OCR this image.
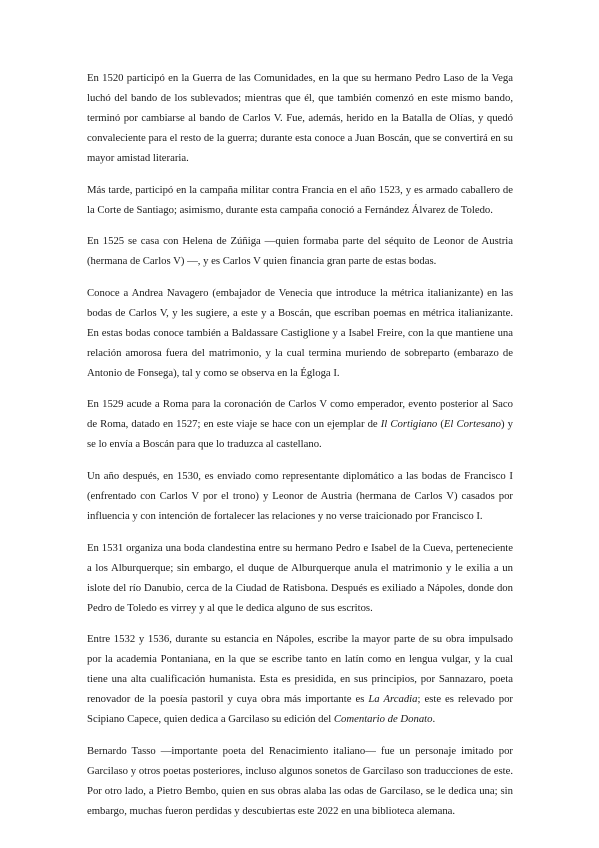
En 1520 participó en la Guerra de las Comunidades, en la que su hermano Pedro Laso de la Vega luchó del bando de los sublevados; mientras que él, que también comenzó en este mismo bando, terminó por cambiarse al bando de Carlos V. Fue, además, herido en la Batalla de Olías, y quedó convaleciente para el resto de la guerra; durante esta conoce a Juan Boscán, que se convertirá en su mayor amistad literaria.

Más tarde, participó en la campaña militar contra Francia en el año 1523, y es armado caballero de la Corte de Santiago; asimismo, durante esta campaña conoció a Fernández Álvarez de Toledo.

En 1525 se casa con Helena de Zúñiga —quien formaba parte del séquito de Leonor de Austria (hermana de Carlos V) —, y es Carlos V quien financia gran parte de estas bodas.

Conoce a Andrea Navagero (embajador de Venecia que introduce la métrica italianizante) en las bodas de Carlos V, y les sugiere, a este y a Boscán, que escriban poemas en métrica italianizante. En estas bodas conoce también a Baldassare Castiglione y a Isabel Freire, con la que mantiene una relación amorosa fuera del matrimonio, y la cual termina muriendo de sobreparto (embarazo de Antonio de Fonsega), tal y como se observa en la Égloga I.

En 1529 acude a Roma para la coronación de Carlos V como emperador, evento posterior al Saco de Roma, datado en 1527; en este viaje se hace con un ejemplar de Il Cortigiano (El Cortesano) y se lo envía a Boscán para que lo traduzca al castellano.

Un año después, en 1530, es enviado como representante diplomático a las bodas de Francisco I (enfrentado con Carlos V por el trono) y Leonor de Austria (hermana de Carlos V) casados por influencia y con intención de fortalecer las relaciones y no verse traicionado por Francisco I.

En 1531 organiza una boda clandestina entre su hermano Pedro e Isabel de la Cueva, perteneciente a los Alburquerque; sin embargo, el duque de Alburquerque anula el matrimonio y le exilia a un islote del río Danubio, cerca de la Ciudad de Ratisbona. Después es exiliado a Nápoles, donde don Pedro de Toledo es virrey y al que le dedica alguno de sus escritos.

Entre 1532 y 1536, durante su estancia en Nápoles, escribe la mayor parte de su obra impulsado por la academia Pontaniana, en la que se escribe tanto en latín como en lengua vulgar, y la cual tiene una alta cualificación humanista. Esta es presidida, en sus principios, por Sannazaro, poeta renovador de la poesía pastoril y cuya obra más importante es La Arcadia; este es relevado por Scipiano Capece, quien dedica a Garcilaso su edición del Comentario de Donato.

Bernardo Tasso —importante poeta del Renacimiento italiano— fue un personaje imitado por Garcilaso y otros poetas posteriores, incluso algunos sonetos de Garcilaso son traducciones de este. Por otro lado, a Pietro Bembo, quien en sus obras alaba las odas de Garcilaso, se le dedica una; sin embargo, muchas fueron perdidas y descubiertas este 2022 en una biblioteca alemana.
